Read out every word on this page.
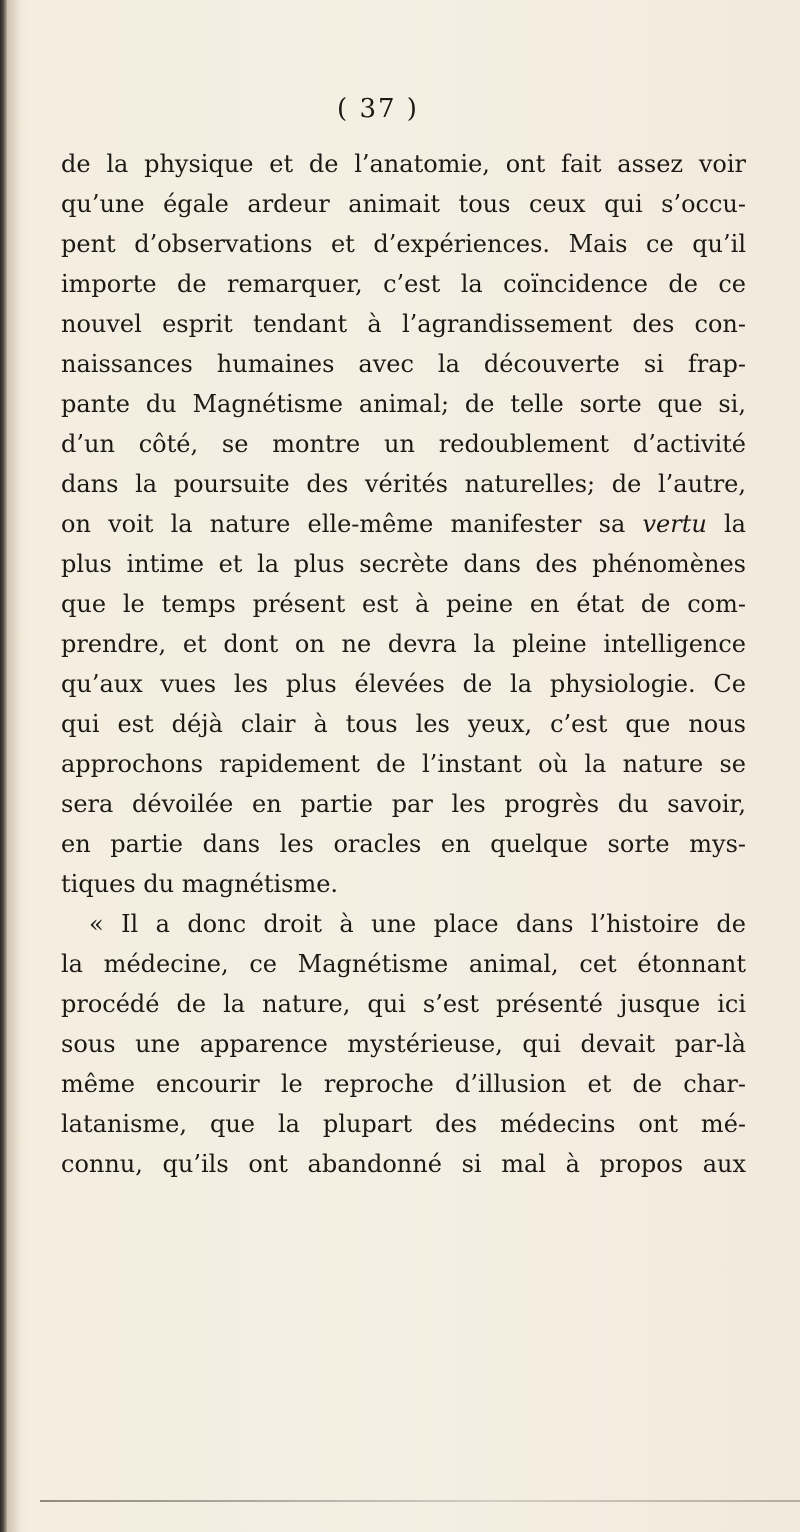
( 37 )
de la physique et de l’anatomie, ont fait assez voir
qu’une égale ardeur animait tous ceux qui s’occu-
pent d’observations et d’expériences. Mais ce qu’il
importe de remarquer, c’est la coïncidence de ce
nouvel esprit tendant à l’agrandissement des con-
naissances humaines avec la découverte si frap-
pante du Magnétisme animal; de telle sorte que si,
d’un côté, se montre un redoublement d’activité
dans la poursuite des vérités naturelles; de l’autre,
on voit la nature elle-même manifester sa vertu la
plus intime et la plus secrète dans des phénomènes
que le temps présent est à peine en état de com-
prendre, et dont on ne devra la pleine intelligence
qu’aux vues les plus élevées de la physiologie. Ce
qui est déjà clair à tous les yeux, c’est que nous
approchons rapidement de l’instant où la nature se
sera dévoilée en partie par les progrès du savoir,
en partie dans les oracles en quelque sorte mys-
tiques du magnétisme.
« Il a donc droit à une place dans l’histoire de
la médecine, ce Magnétisme animal, cet étonnant
procédé de la nature, qui s’est présenté jusque ici
sous une apparence mystérieuse, qui devait par-là
même encourir le reproche d’illusion et de char-
latanisme, que la plupart des médecins ont mé-
connu, qu’ils ont abandonné si mal à propos aux
